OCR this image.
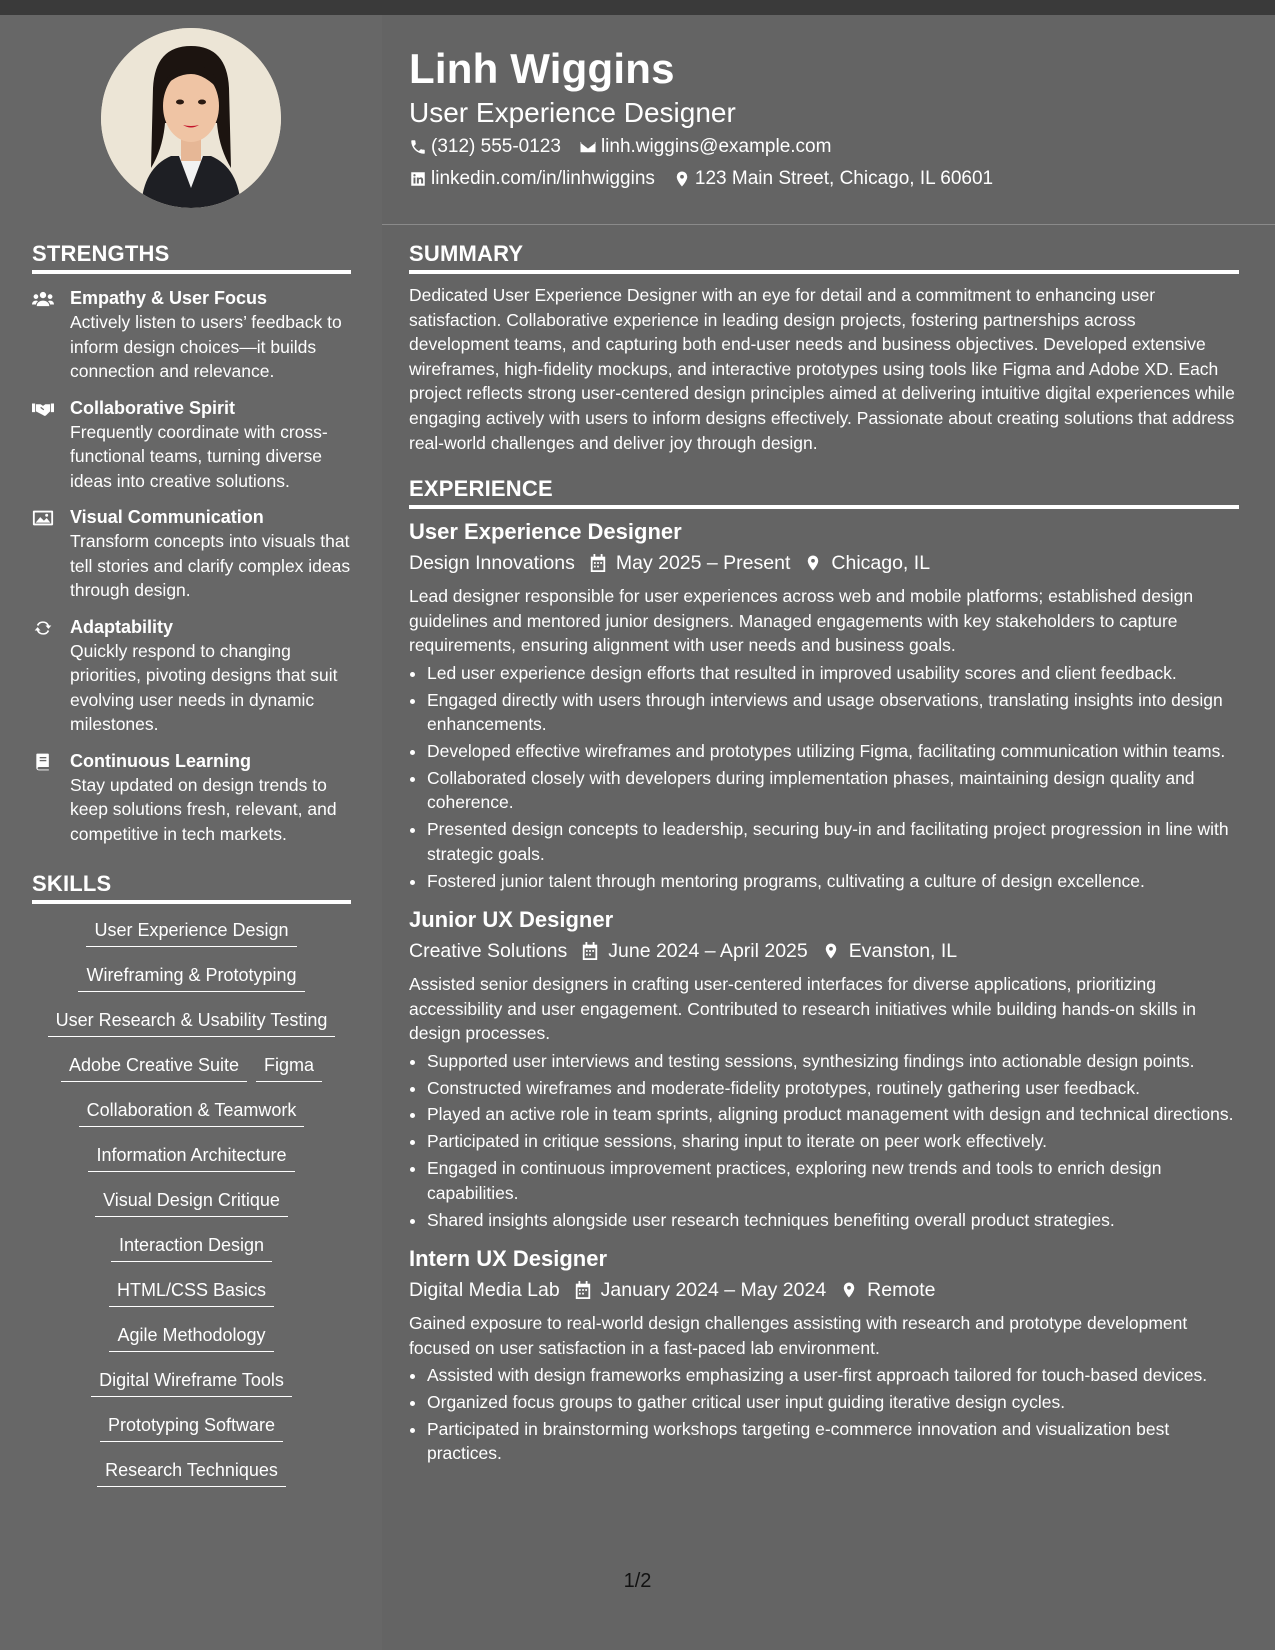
Linh Wiggins
User Experience Designer
(312) 555-0123 linh.wiggins@example.com
linkedin.com/in/linhwiggins 123 Main Street, Chicago, IL 60601
STRENGTHS
Empathy & User Focus
Actively listen to users’ feedback to inform design choices—it builds connection and relevance.
Collaborative Spirit
Frequently coordinate with cross-functional teams, turning diverse ideas into creative solutions.
Visual Communication
Transform concepts into visuals that tell stories and clarify complex ideas through design.
Adaptability
Quickly respond to changing priorities, pivoting designs that suit evolving user needs in dynamic milestones.
Continuous Learning
Stay updated on design trends to keep solutions fresh, relevant, and competitive in tech markets.
SKILLS
User Experience Design
Wireframing & Prototyping
User Research & Usability Testing
Adobe Creative Suite	Figma
Collaboration & Teamwork
Information Architecture
Visual Design Critique
Interaction Design
HTML/CSS Basics
Agile Methodology
Digital Wireframe Tools
Prototyping Software
Research Techniques
SUMMARY

Dedicated User Experience Designer with an eye for detail and a commitment to enhancing user satisfaction. Collaborative experience in leading design projects, fostering partnerships across development teams, and capturing both end-user needs and business objectives. Developed extensive wireframes, high-fidelity mockups, and interactive prototypes using tools like Figma and Adobe XD. Each project reflects strong user-centered design principles aimed at delivering intuitive digital experiences while engaging actively with users to inform designs effectively. Passionate about creating solutions that address real-world challenges and deliver joy through design.

EXPERIENCE
User Experience Designer
Design Innovations May 2025 – Present Chicago, IL
Lead designer responsible for user experiences across web and mobile platforms; established design guidelines and mentored junior designers. Managed engagements with key stakeholders to capture requirements, ensuring alignment with user needs and business goals.
• Led user experience design efforts that resulted in improved usability scores and client feedback.
• Engaged directly with users through interviews and usage observations, translating insights into design enhancements.
• Developed effective wireframes and prototypes utilizing Figma, facilitating communication within teams.
• Collaborated closely with developers during implementation phases, maintaining design quality and coherence.
• Presented design concepts to leadership, securing buy-in and facilitating project progression in line with strategic goals.
• Fostered junior talent through mentoring programs, cultivating a culture of design excellence.
Junior UX Designer
Creative Solutions June 2024 – April 2025 Evanston, IL
Assisted senior designers in crafting user-centered interfaces for diverse applications, prioritizing accessibility and user engagement. Contributed to research initiatives while building hands-on skills in design processes.
• Supported user interviews and testing sessions, synthesizing findings into actionable design points.
• Constructed wireframes and moderate-fidelity prototypes, routinely gathering user feedback.
• Played an active role in team sprints, aligning product management with design and technical directions.
• Participated in critique sessions, sharing input to iterate on peer work effectively.
• Engaged in continuous improvement practices, exploring new trends and tools to enrich design capabilities.
• Shared insights alongside user research techniques benefiting overall product strategies.
Intern UX Designer
Digital Media Lab January 2024 – May 2024 Remote
Gained exposure to real-world design challenges assisting with research and prototype development focused on user satisfaction in a fast-paced lab environment.
• Assisted with design frameworks emphasizing a user-first approach tailored for touch-based devices.
• Organized focus groups to gather critical user input guiding iterative design cycles.
• Participated in brainstorming workshops targeting e-commerce innovation and visualization best practices.
1/2
